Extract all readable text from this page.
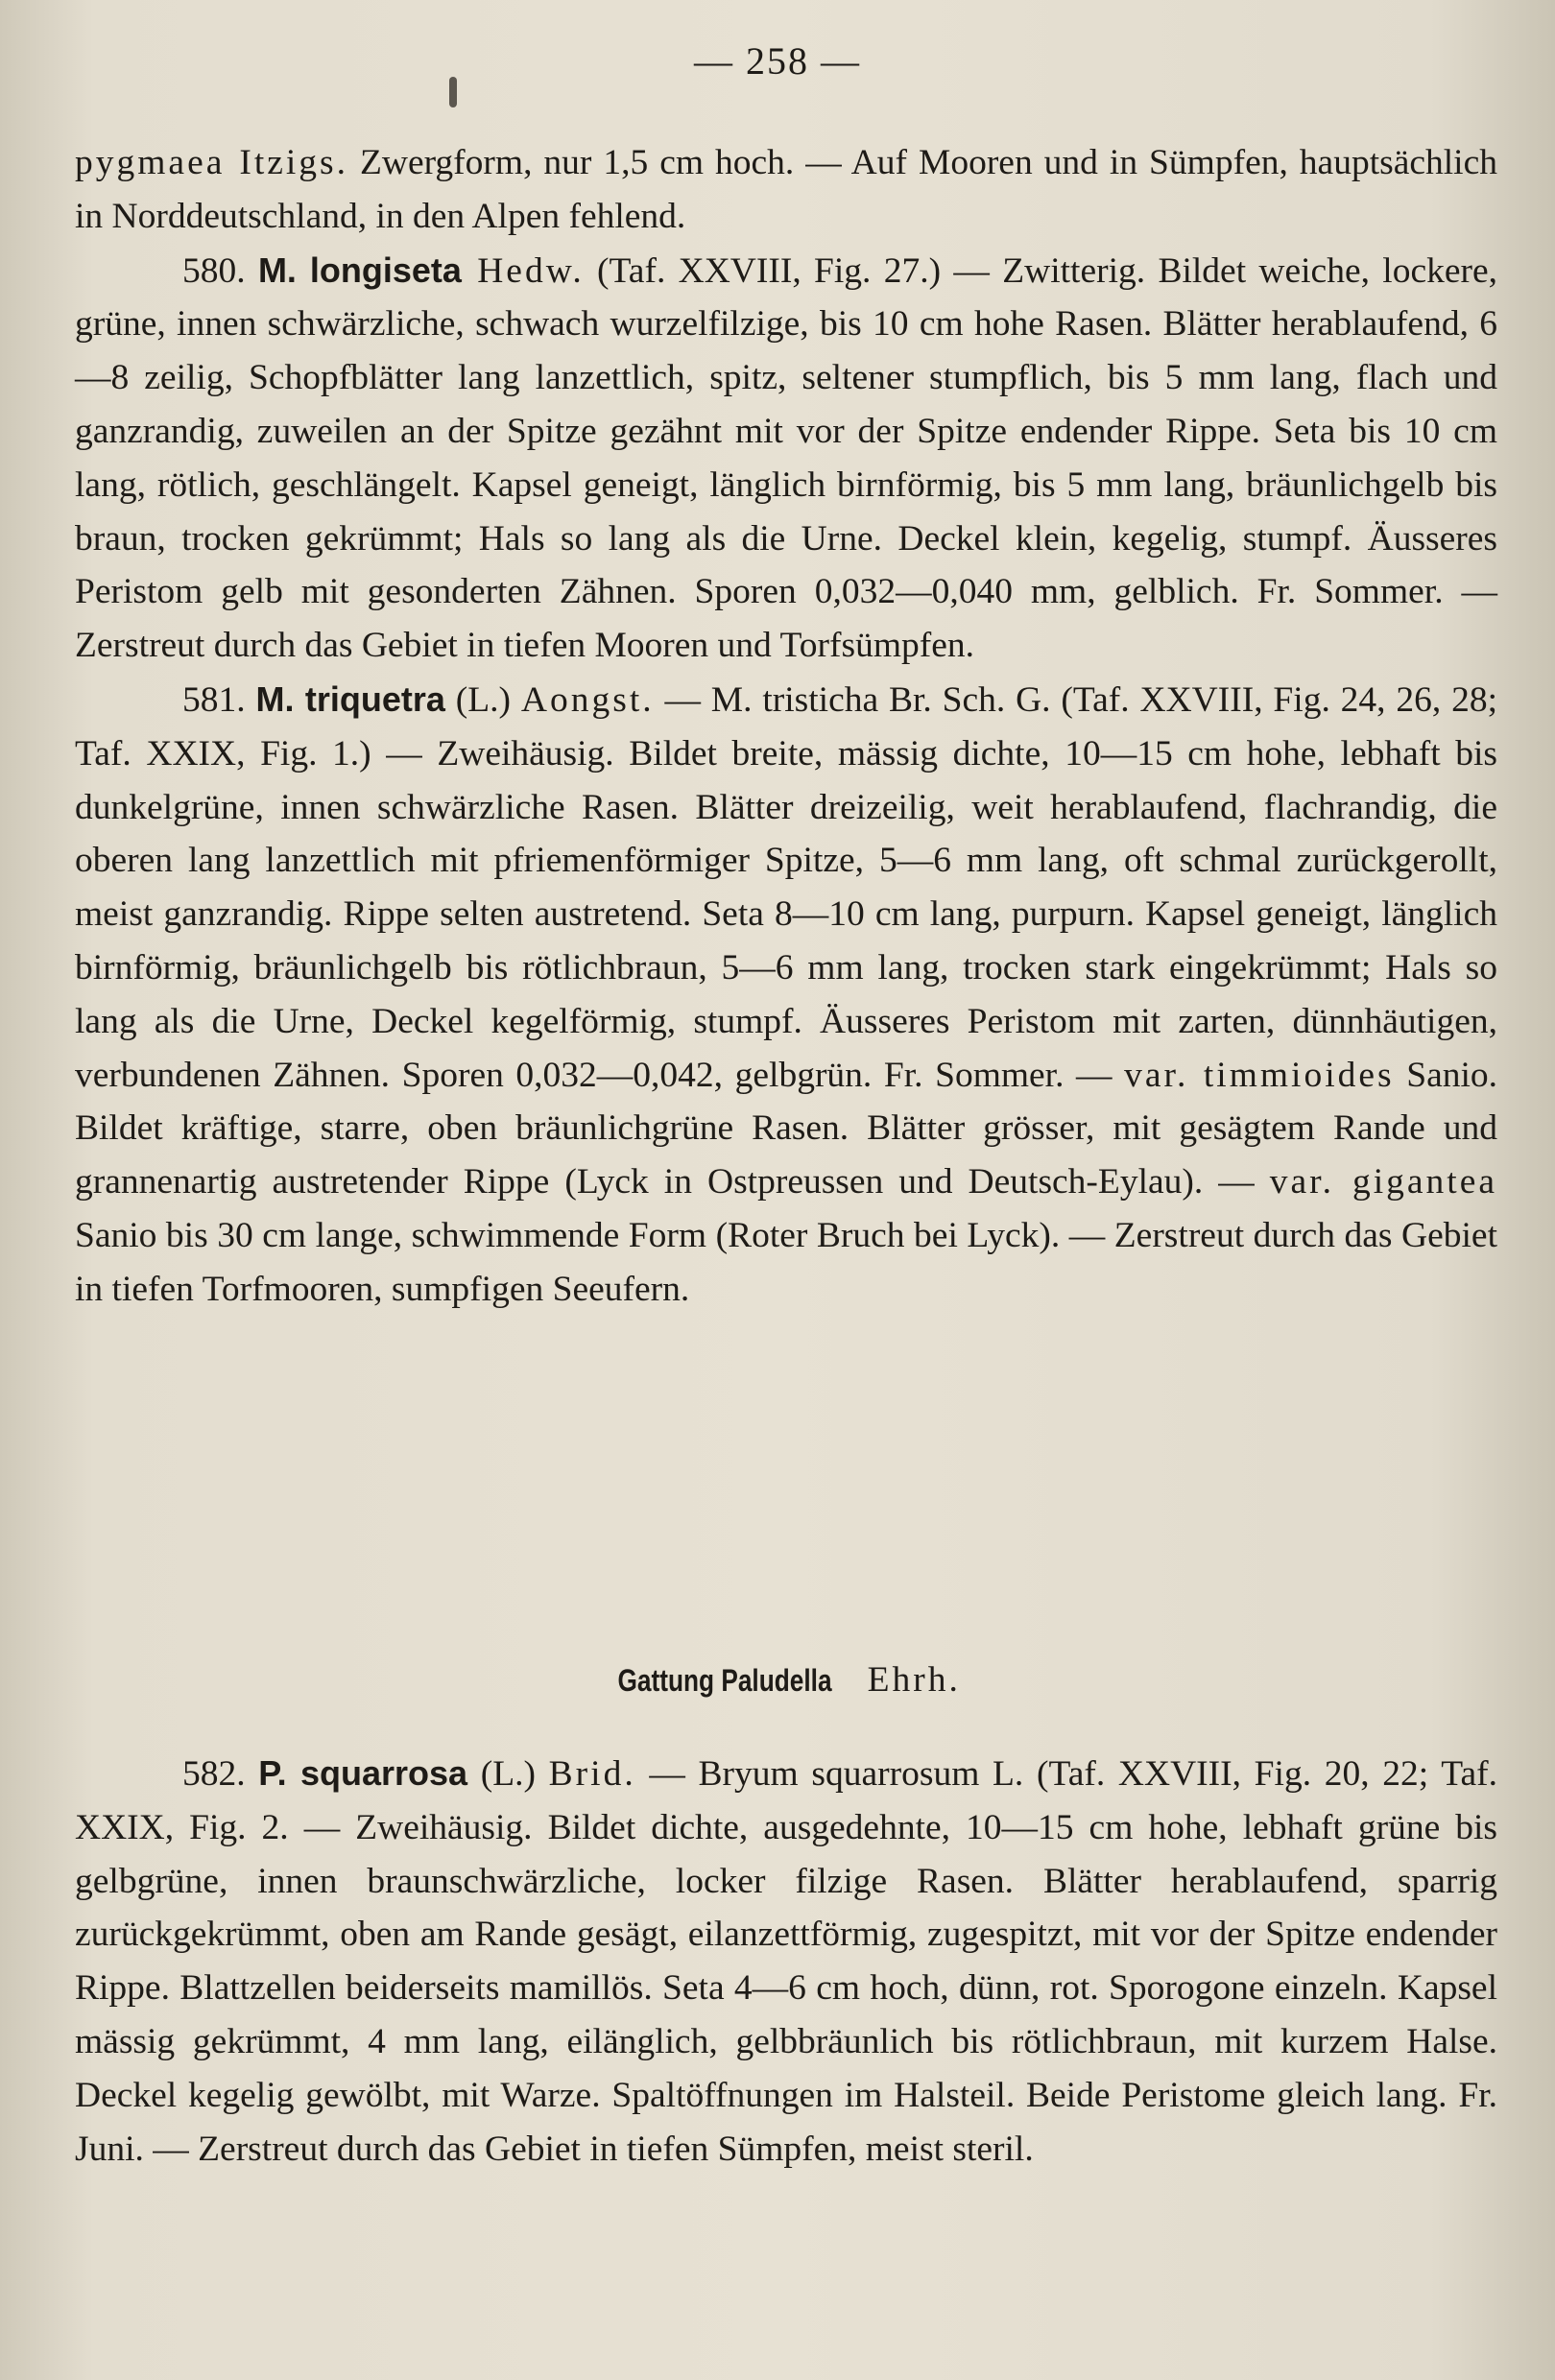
— 258 —

pygmaea Itzigs. Zwergform, nur 1,5 cm hoch. — Auf Mooren und in Sümpfen, hauptsächlich in Norddeutschland, in den Alpen fehlend.

580. M. longiseta Hedw. (Taf. XXVIII, Fig. 27.) — Zwitterig. Bildet weiche, lockere, grüne, innen schwärzliche, schwach wurzelfilzige, bis 10 cm hohe Rasen. Blätter herablaufend, 6—8 zeilig, Schopfblätter lang lanzettlich, spitz, seltener stumpflich, bis 5 mm lang, flach und ganzrandig, zuweilen an der Spitze gezähnt mit vor der Spitze endender Rippe. Seta bis 10 cm lang, rötlich, geschlängelt. Kapsel geneigt, länglich birnförmig, bis 5 mm lang, bräunlichgelb bis braun, trocken gekrümmt; Hals so lang als die Urne. Deckel klein, kegelig, stumpf. Äusseres Peristom gelb mit gesonderten Zähnen. Sporen 0,032—0,040 mm, gelblich. Fr. Sommer. — Zerstreut durch das Gebiet in tiefen Mooren und Torfsümpfen.

581. M. triquetra (L.) Aongst. — M. tristicha Br. Sch. G. (Taf. XXVIII, Fig. 24, 26, 28; Taf. XXIX, Fig. 1.) — Zweihäusig. Bildet breite, mässig dichte, 10—15 cm hohe, lebhaft bis dunkelgrüne, innen schwärzliche Rasen. Blätter dreizeilig, weit herablaufend, flachrandig, die oberen lang lanzettlich mit pfriemenförmiger Spitze, 5—6 mm lang, oft schmal zurückgerollt, meist ganzrandig. Rippe selten austretend. Seta 8—10 cm lang, purpurn. Kapsel geneigt, länglich birnförmig, bräunlichgelb bis rötlichbraun, 5—6 mm lang, trocken stark eingekrümmt; Hals so lang als die Urne, Deckel kegelförmig, stumpf. Äusseres Peristom mit zarten, dünnhäutigen, verbundenen Zähnen. Sporen 0,032—0,042, gelbgrün. Fr. Sommer. — var. timmioides Sanio. Bildet kräftige, starre, oben bräunlichgrüne Rasen. Blätter grösser, mit gesägtem Rande und grannenartig austretender Rippe (Lyck in Ostpreussen und Deutsch-Eylau). — var. gigantea Sanio bis 30 cm lange, schwimmende Form (Roter Bruch bei Lyck). — Zerstreut durch das Gebiet in tiefen Torfmooren, sumpfigen Seeufern.

Gattung Paludella Ehrh.

582. P. squarrosa (L.) Brid. — Bryum squarrosum L. (Taf. XXVIII, Fig. 20, 22; Taf. XXIX, Fig. 2. — Zweihäusig. Bildet dichte, ausgedehnte, 10—15 cm hohe, lebhaft grüne bis gelbgrüne, innen braunschwärzliche, locker filzige Rasen. Blätter herablaufend, sparrig zurückgekrümmt, oben am Rande gesägt, eilanzettförmig, zugespitzt, mit vor der Spitze endender Rippe. Blattzellen beiderseits mamillös. Seta 4—6 cm hoch, dünn, rot. Sporogone einzeln. Kapsel mässig gekrümmt, 4 mm lang, eilänglich, gelbbräunlich bis rötlichbraun, mit kurzem Halse. Deckel kegelig gewölbt, mit Warze. Spaltöffnungen im Halsteil. Beide Peristome gleich lang. Fr. Juni. — Zerstreut durch das Gebiet in tiefen Sümpfen, meist steril.
